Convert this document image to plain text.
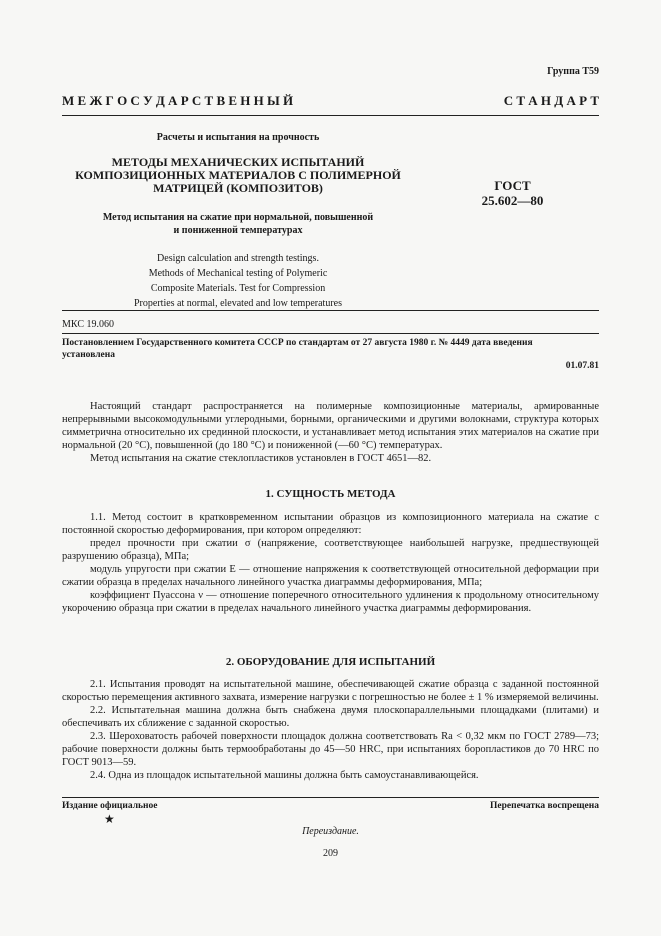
Группа Т59
М Е Ж Г О С У Д А Р С Т В Е Н Н Ы Й	С Т А Н Д А Р Т
Расчеты и испытания на прочность
МЕТОДЫ МЕХАНИЧЕСКИХ ИСПЫТАНИЙ
КОМПОЗИЦИОННЫХ МАТЕРИАЛОВ С ПОЛИМЕРНОЙ
МАТРИЦЕЙ (КОМПОЗИТОВ)
Метод испытания на сжатие при нормальной, повышенной
и пониженной температурах
Design calculation and strength testings.
Methods of Mechanical testing of Polymeric
Composite Materials. Test for Compression
Properties at normal, elevated and low temperatures
ГОСТ
25.602—80
МКС 19.060
Постановлением Государственного комитета СССР по стандартам от 27 августа 1980 г. № 4449 дата введения
установлена
01.07.81

Настоящий стандарт распространяется на полимерные композиционные материалы, армированные непрерывными высокомодульными углеродными, борными, органическими и другими волокнами, структура которых симметрична относительно их срединной плоскости, и устанавливает метод испытания этих материалов на сжатие при нормальной (20 °С), повышенной (до 180 °С) и пониженной (—60 °С) температурах.

Метод испытания на сжатие стеклопластиков установлен в ГОСТ 4651—82.

1. СУЩНОСТЬ МЕТОДА

1.1. Метод состоит в кратковременном испытании образцов из композиционного материала на сжатие с постоянной скоростью деформирования, при котором определяют:

предел прочности при сжатии σ (напряжение, соответствующее наибольшей нагрузке, предшествующей разрушению образца), МПа;

модуль упругости при сжатии E — отношение напряжения к соответствующей относительной деформации при сжатии образца в пределах начального линейного участка диаграммы деформирования, МПа;

коэффициент Пуассона ν — отношение поперечного относительного удлинения к продольному относительному укорочению образца при сжатии в пределах начального линейного участка диаграммы деформирования.

2. ОБОРУДОВАНИЕ ДЛЯ ИСПЫТАНИЙ

2.1. Испытания проводят на испытательной машине, обеспечивающей сжатие образца с заданной постоянной скоростью перемещения активного захвата, измерение нагрузки с погрешностью не более ± 1 % измеряемой величины.

2.2. Испытательная машина должна быть снабжена двумя плоскопараллельными площадками (плитами) и обеспечивать их сближение с заданной скоростью.

2.3. Шероховатость рабочей поверхности площадок должна соответствовать Ra < 0,32 мкм по ГОСТ 2789—73; рабочие поверхности должны быть термообработаны до 45—50 HRC, при испытаниях боропластиков до 70 HRC по ГОСТ 9013—59.

2.4. Одна из площадок испытательной машины должна быть самоустанавливающейся.

Издание официальное	Перепечатка воспрещена
★
Переиздание.
209
